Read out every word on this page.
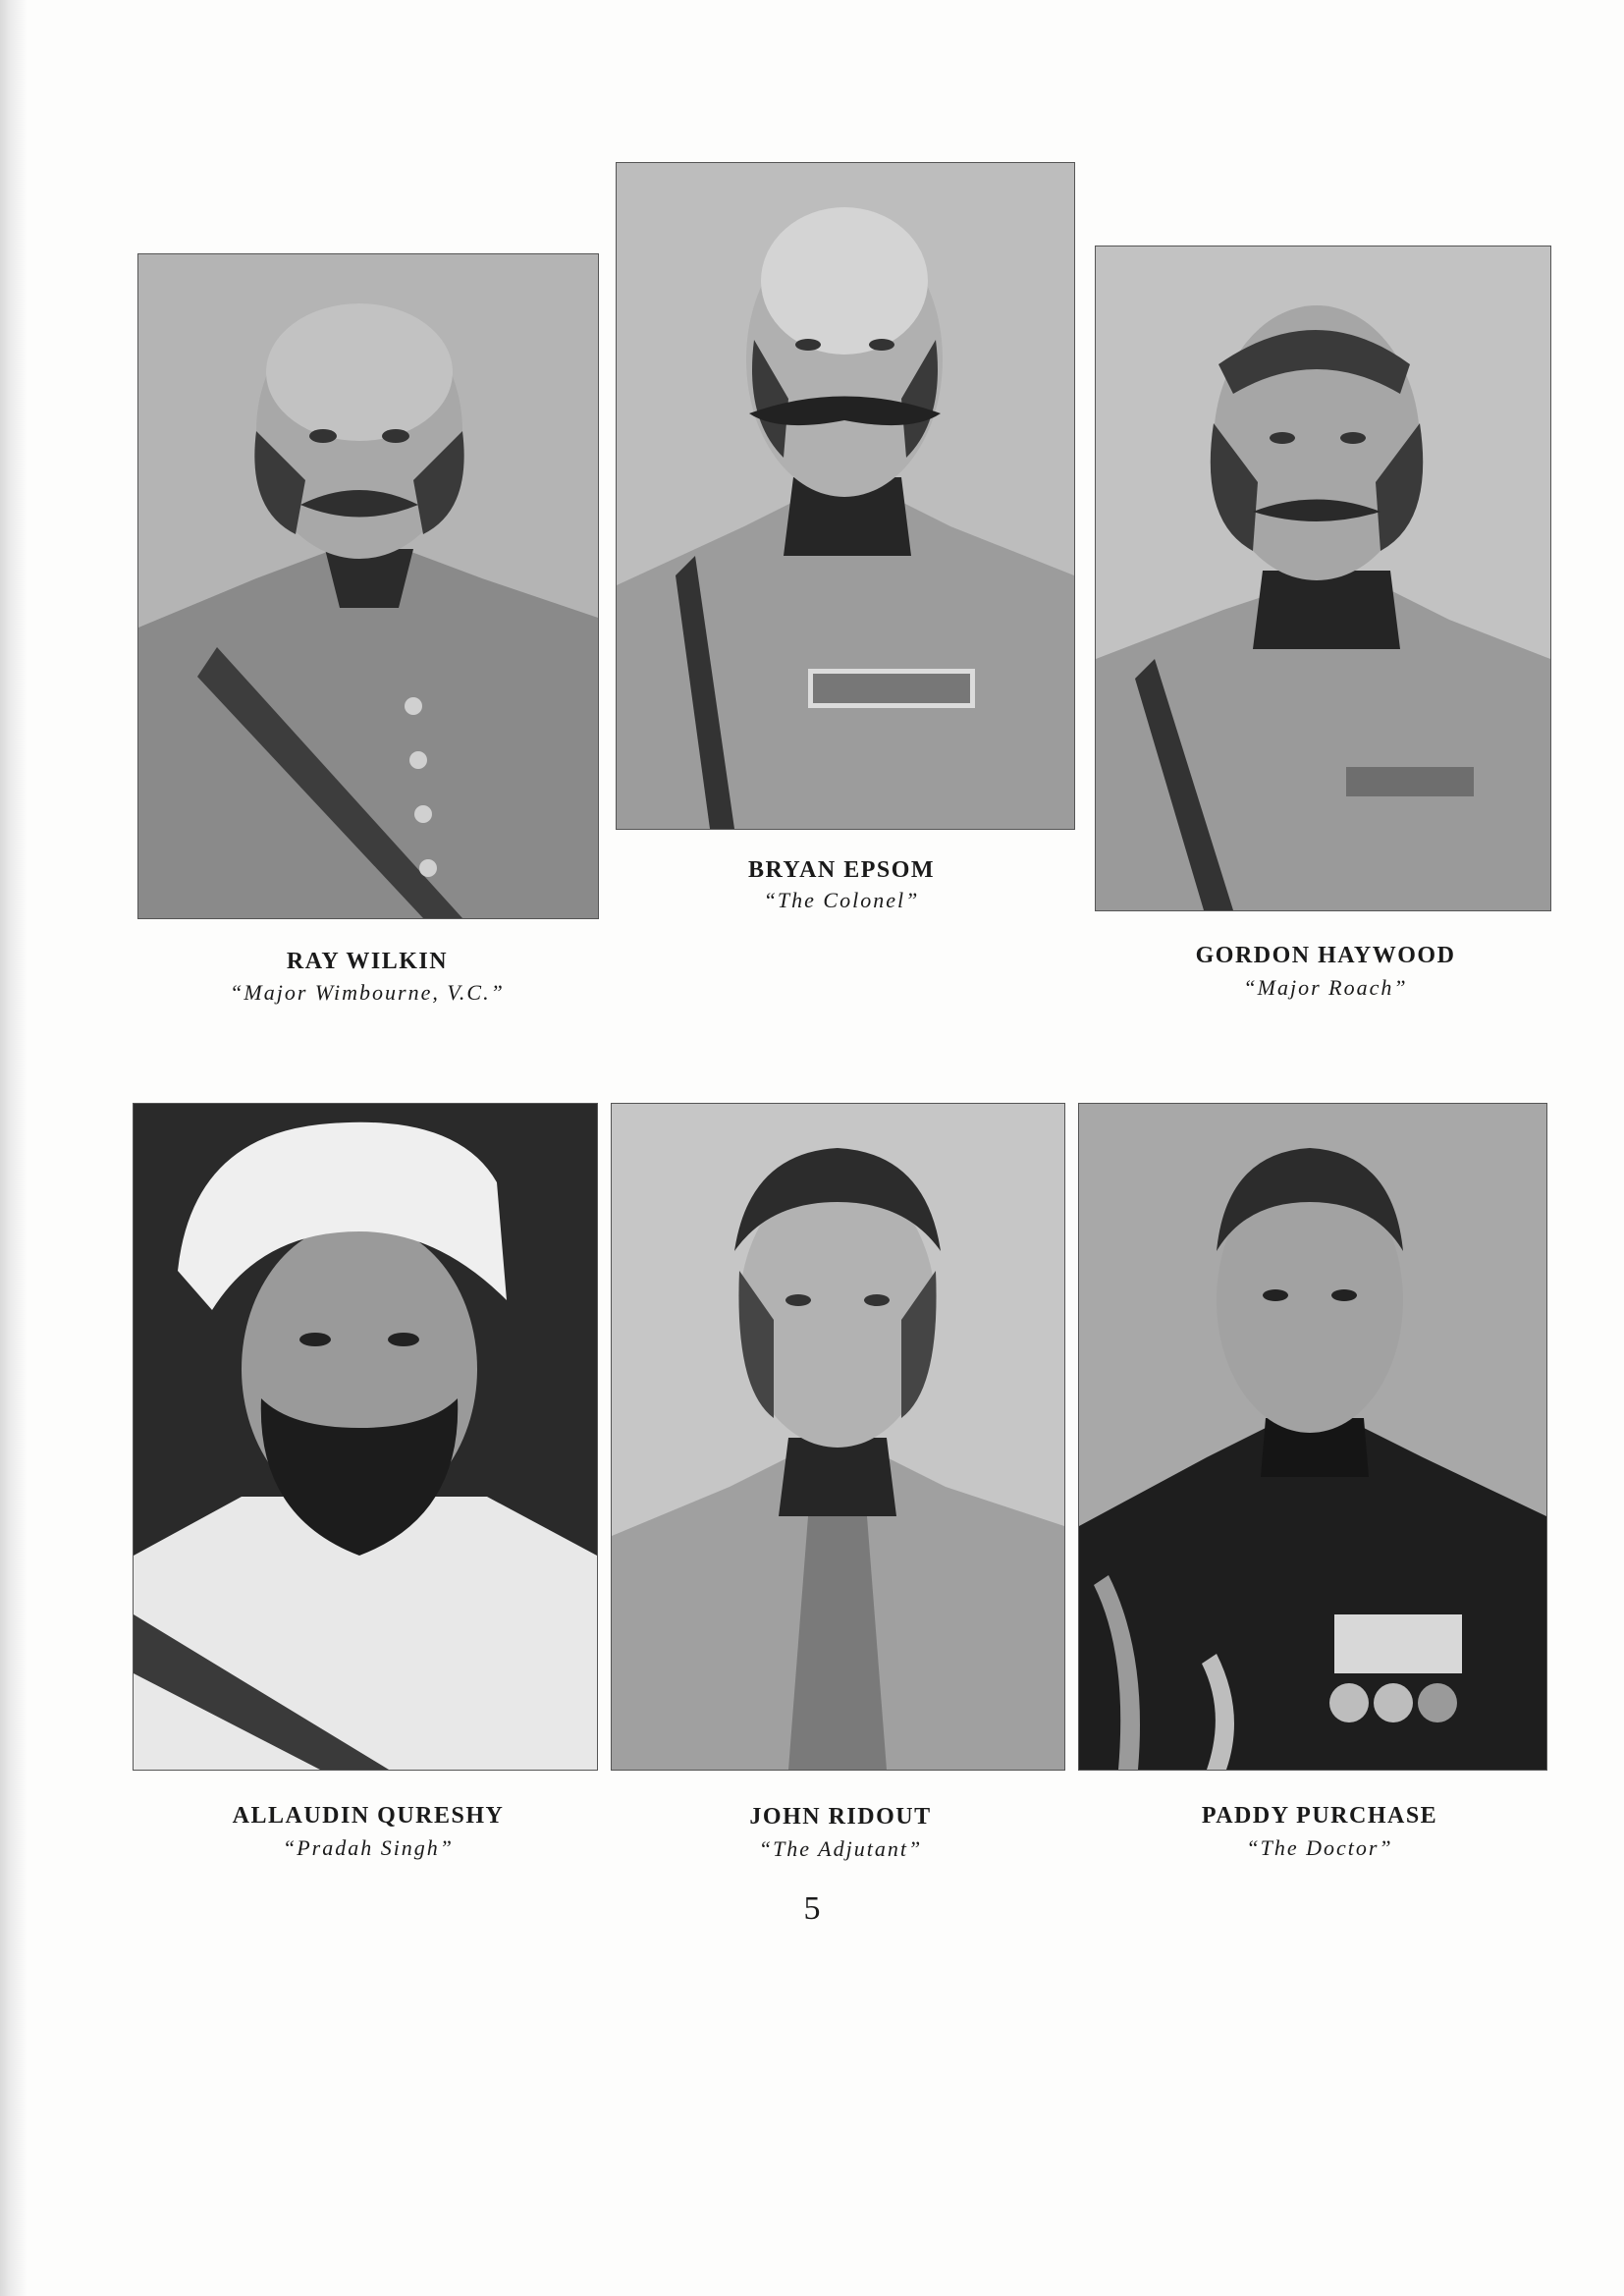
RAY WILKIN
“Major Wimbourne, V.C.”
BRYAN EPSOM
“The Colonel”
GORDON HAYWOOD
“Major Roach”
ALLAUDIN QURESHY
“Pradah Singh”
JOHN RIDOUT
“The Adjutant”
PADDY PURCHASE
“The Doctor”
5
